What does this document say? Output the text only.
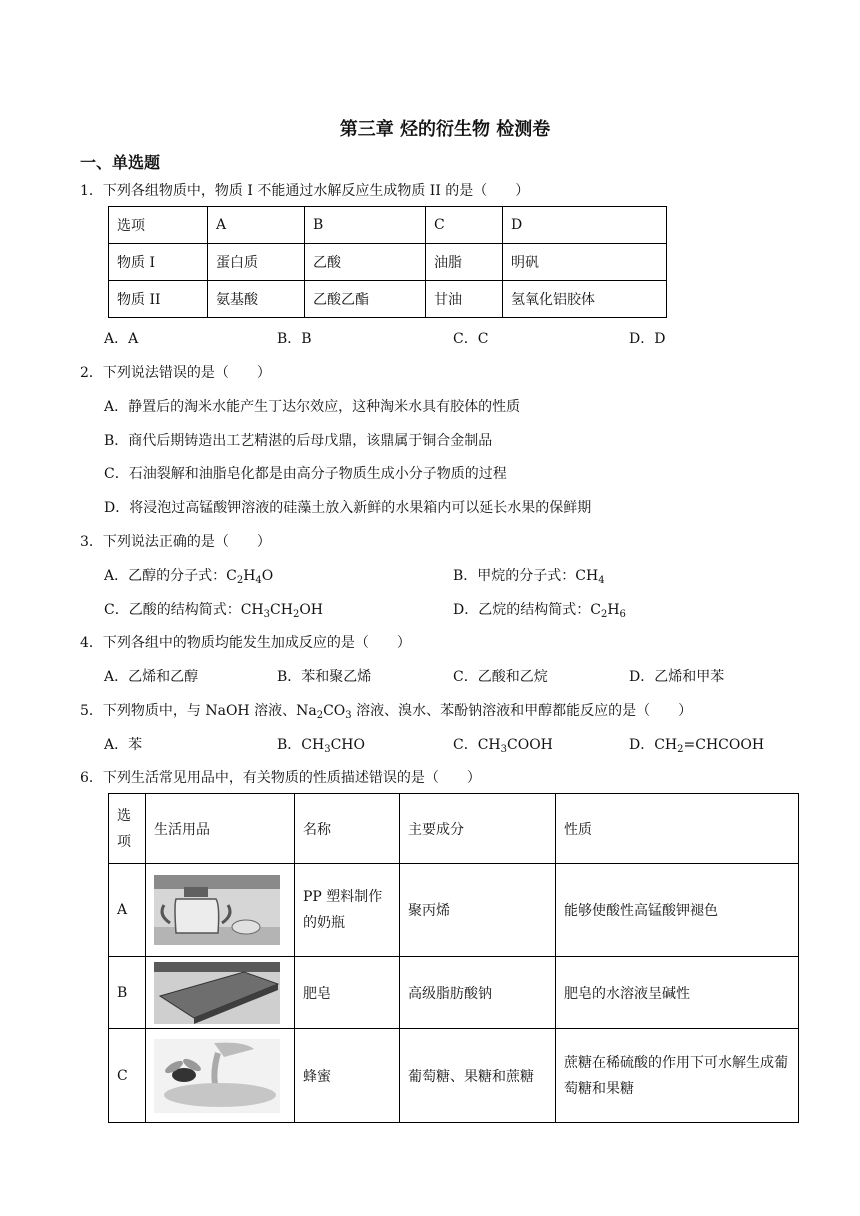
第三章 烃的衍生物 检测卷
一、单选题
1．下列各组物质中，物质 I 不能通过水解反应生成物质 II 的是（　　）
选项	A	B	C	D
物质 I	蛋白质	乙酸	油脂	明矾
物质 II	氨基酸	乙酸乙酯	甘油	氢氧化铝胶体
A．A	B．B	C．C	D．D
2．下列说法错误的是（　　）
A．静置后的淘米水能产生丁达尔效应，这种淘米水具有胶体的性质
B．商代后期铸造出工艺精湛的后母戊鼎，该鼎属于铜合金制品
C．石油裂解和油脂皂化都是由高分子物质生成小分子物质的过程
D．将浸泡过高锰酸钾溶液的硅藻土放入新鲜的水果箱内可以延长水果的保鲜期
3．下列说法正确的是（　　）
A．乙醇的分子式：$C_2H_4O$	B．甲烷的分子式：$CH_4$
C．乙酸的结构简式：$CH_3CH_2OH$	D．乙烷的结构简式：$C_2H_6$
4．下列各组中的物质均能发生加成反应的是（　　）
A．乙烯和乙醇	B．苯和聚乙烯	C．乙酸和乙烷	D．乙烯和甲苯
5．下列物质中，与 NaOH 溶液、$Na_2CO_3$ 溶液、溴水、苯酚钠溶液和甲醇都能反应的是（　　）
A．苯	B．$CH_3CHO$	C．$CH_3COOH$	D．$CH_2=CHCOOH$
6．下列生活常见用品中，有关物质的性质描述错误的是（　　）
选项	生活用品	名称	主要成分	性质
A		PP 塑料制作的奶瓶	聚丙烯	能够使酸性高锰酸钾褪色
B		肥皂	高级脂肪酸钠	肥皂的水溶液呈碱性
C		蜂蜜	葡萄糖、果糖和蔗糖	蔗糖在稀硫酸的作用下可水解生成葡萄糖和果糖
